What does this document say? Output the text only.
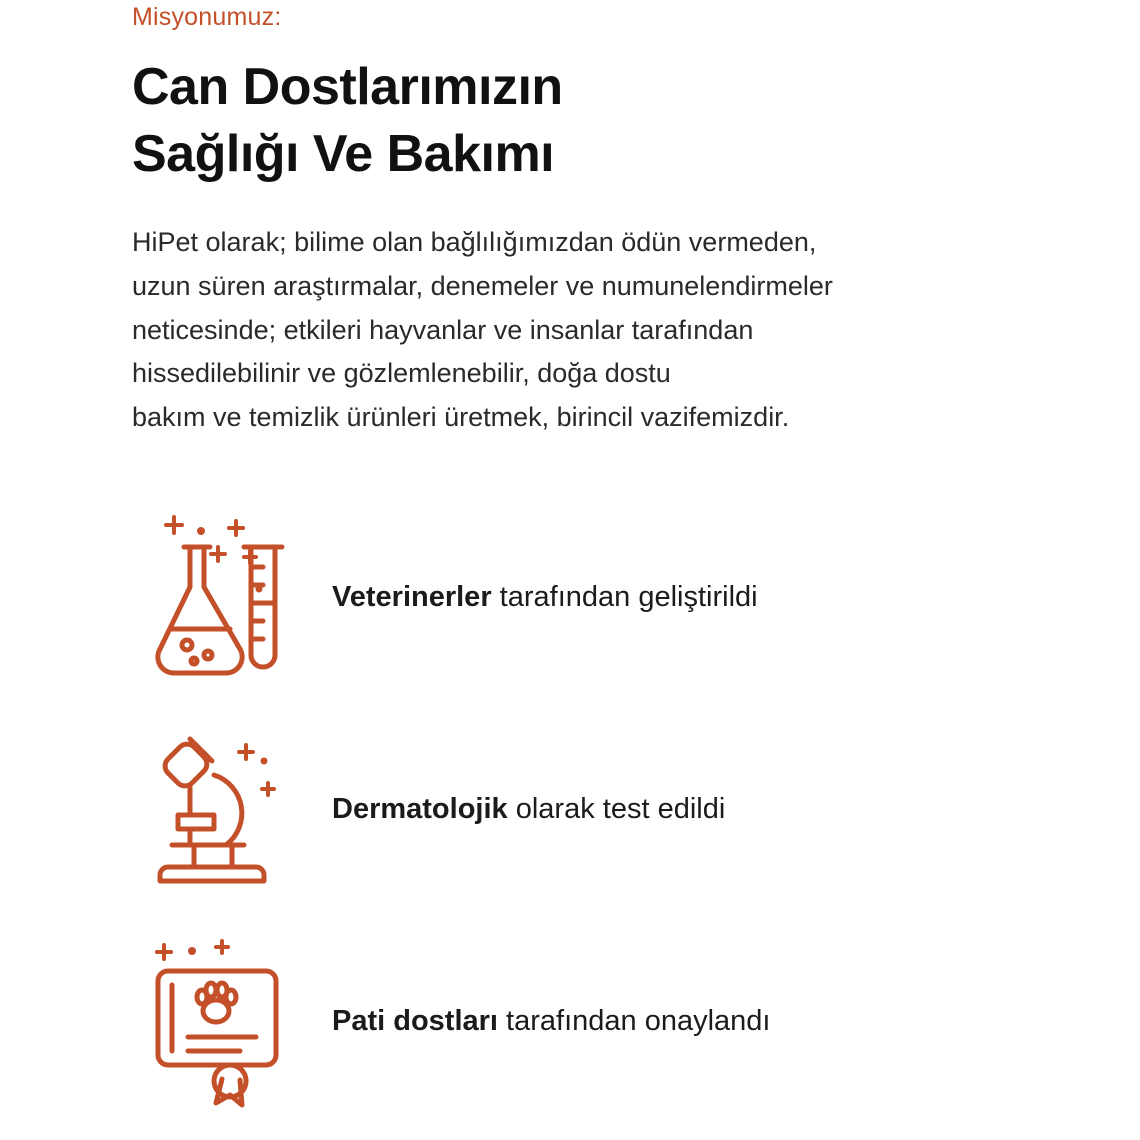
Misyonumuz:

Can Dostlarımızın
Sağlığı Ve Bakımı

HiPet olarak; bilime olan bağlılığımızdan ödün vermeden,
uzun süren araştırmalar, denemeler ve numunelendirmeler
neticesinde; etkileri hayvanlar ve insanlar tarafından
hissedilebilinir ve gözlemlenebilir, doğa dostu
bakım ve temizlik ürünleri üretmek, birincil vazifemizdir.

Veterinerler tarafından geliştirildi
Dermatolojik olarak test edildi
Pati dostları tarafından onaylandı
